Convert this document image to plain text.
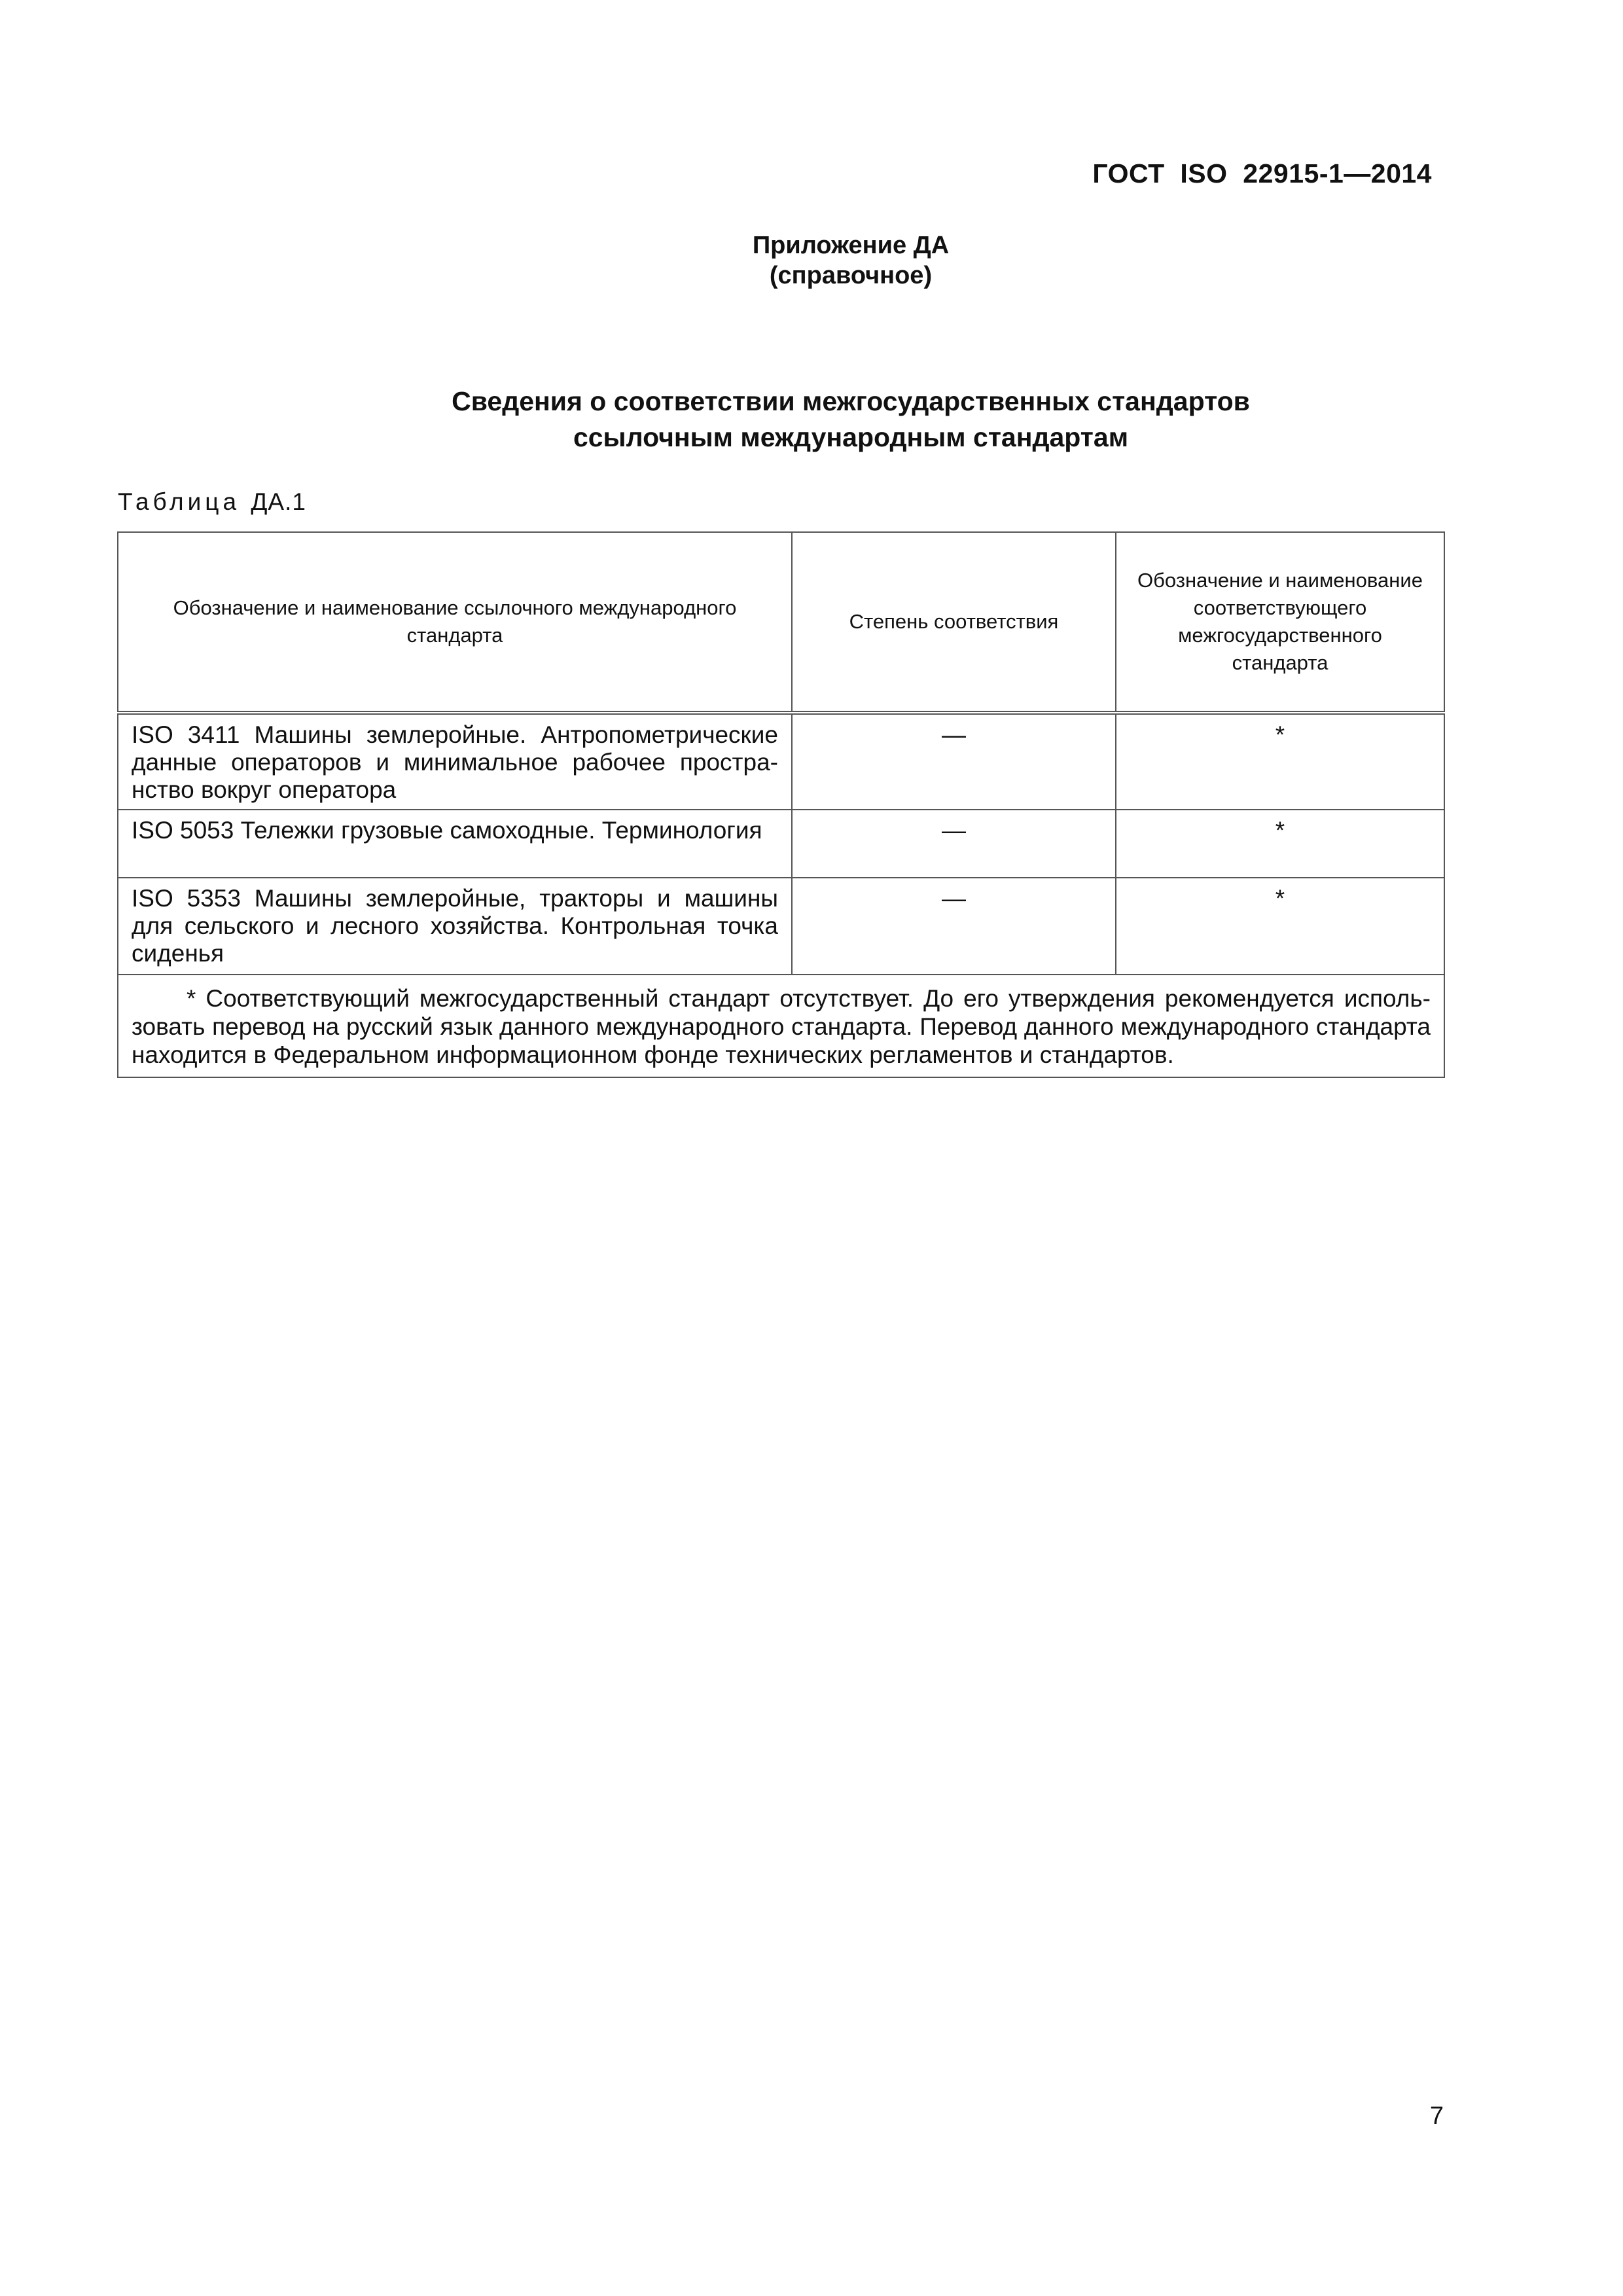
ГОСТ  ISO  22915-1—2014
Приложение ДА
(справочное)
Сведения о соответствии межгосударственных стандартов
ссылочным международным стандартам
Таблица ДА.1
Обозначение и наименование ссылочного международного стандарта	Степень соответствия	Обозначение и наименование соответствующего межгосударственного стандарта
ISO 3411 Машины землеройные. Антропометрические данные операторов и минимальное рабочее пространство вокруг оператора	—	*
ISO 5053 Тележки грузовые самоходные. Терминология	—	*
ISO 5353 Машины землеройные, тракторы и машины для сельского и лесного хозяйства. Контрольная точка сиденья	—	*
* Соответствующий межгосударственный стандарт отсутствует. До его утверждения рекомендуется использовать перевод на русский язык данного международного стандарта. Перевод данного международного стандарта находится в Федеральном информационном фонде технических регламентов и стандартов.		
7
